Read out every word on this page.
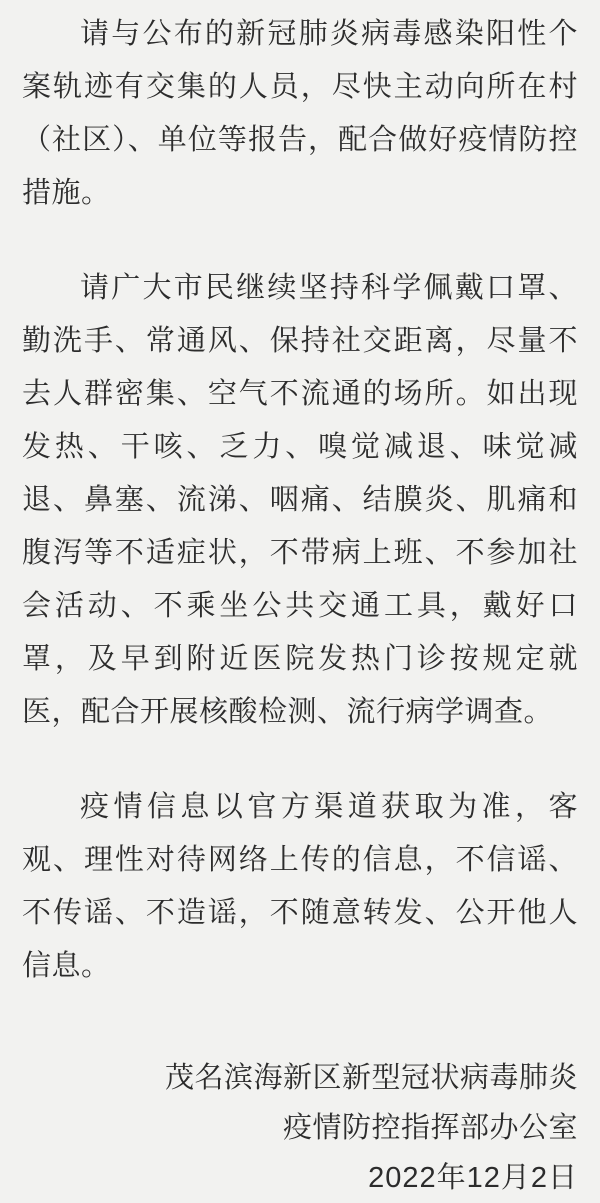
请与公布的新冠肺炎病毒感染阳性个案轨迹有交集的人员，尽快主动向所在村（社区）、单位等报告，配合做好疫情防控措施。

请广大市民继续坚持科学佩戴口罩、勤洗手、常通风、保持社交距离，尽量不去人群密集、空气不流通的场所。如出现发热、干咳、乏力、嗅觉减退、味觉减退、鼻塞、流涕、咽痛、结膜炎、肌痛和腹泻等不适症状，不带病上班、不参加社会活动、不乘坐公共交通工具，戴好口罩，及早到附近医院发热门诊按规定就医，配合开展核酸检测、流行病学调查。

疫情信息以官方渠道获取为准，客观、理性对待网络上传的信息，不信谣、不传谣、不造谣，不随意转发、公开他人信息。

茂名滨海新区新型冠状病毒肺炎
疫情防控指挥部办公室
2022年12月2日
